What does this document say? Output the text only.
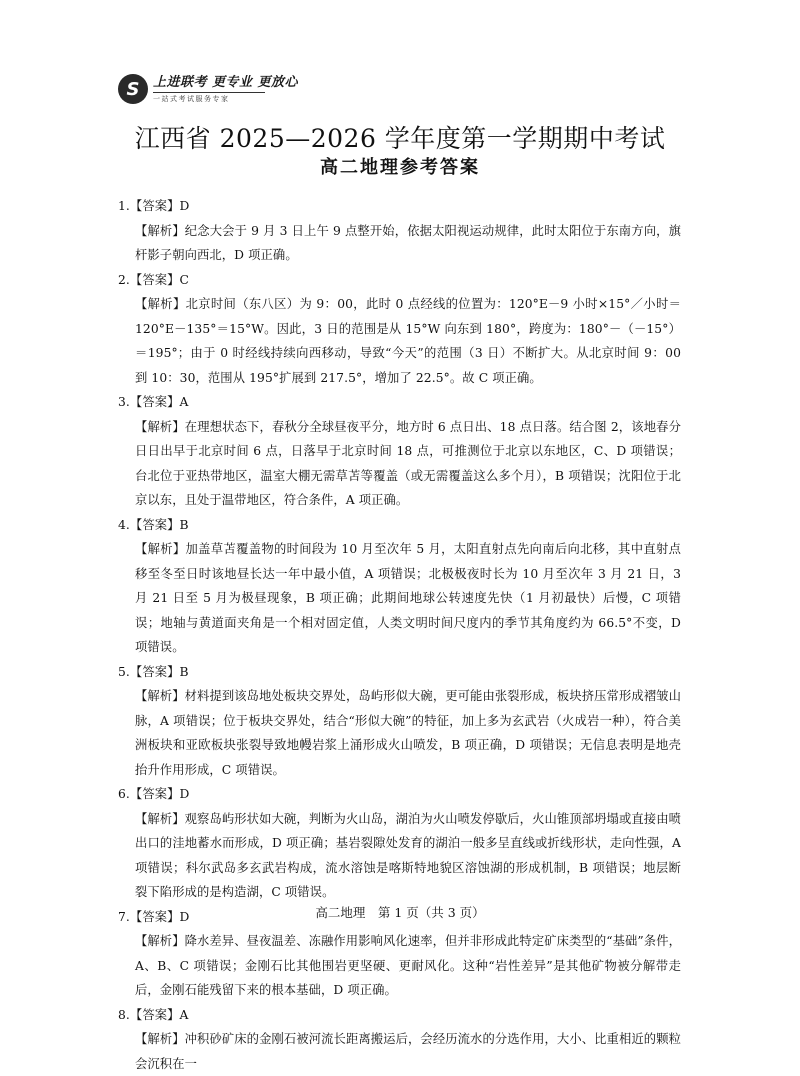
S 上进联考 更专业 更放心
一站式考试服务专家
江西省 2025—2026 学年度第一学期期中考试
高二地理参考答案

1.【答案】D

【解析】纪念大会于 9 月 3 日上午 9 点整开始，依据太阳视运动规律，此时太阳位于东南方向，旗杆影子朝向西北，D 项正确。

2.【答案】C

【解析】北京时间（东八区）为 9：00，此时 0 点经线的位置为：120°E－9 小时×15°／小时＝120°E－135°＝15°W。因此，3 日的范围是从 15°W 向东到 180°，跨度为：180°－（－15°）＝195°；由于 0 时经线持续向西移动，导致“今天”的范围（3 日）不断扩大。从北京时间 9：00 到 10：30，范围从 195°扩展到 217.5°，增加了 22.5°。故 C 项正确。

3.【答案】A

【解析】在理想状态下，春秋分全球昼夜平分，地方时 6 点日出、18 点日落。结合图 2，该地春分日日出早于北京时间 6 点，日落早于北京时间 18 点，可推测位于北京以东地区，C、D 项错误；台北位于亚热带地区，温室大棚无需草苫等覆盖（或无需覆盖这么多个月），B 项错误；沈阳位于北京以东，且处于温带地区，符合条件，A 项正确。

4.【答案】B

【解析】加盖草苫覆盖物的时间段为 10 月至次年 5 月，太阳直射点先向南后向北移，其中直射点移至冬至日时该地昼长达一年中最小值，A 项错误；北极极夜时长为 10 月至次年 3 月 21 日，3 月 21 日至 5 月为极昼现象，B 项正确；此期间地球公转速度先快（1 月初最快）后慢，C 项错误；地轴与黄道面夹角是一个相对固定值，人类文明时间尺度内的季节其角度约为 66.5°不变，D 项错误。

5.【答案】B

【解析】材料提到该岛地处板块交界处，岛屿形似大碗，更可能由张裂形成，板块挤压常形成褶皱山脉，A 项错误；位于板块交界处，结合“形似大碗”的特征，加上多为玄武岩（火成岩一种），符合美洲板块和亚欧板块张裂导致地幔岩浆上涌形成火山喷发，B 项正确，D 项错误；无信息表明是地壳抬升作用形成，C 项错误。

6.【答案】D

【解析】观察岛屿形状如大碗，判断为火山岛，湖泊为火山喷发停歇后，火山锥顶部坍塌或直接由喷出口的洼地蓄水而形成，D 项正确；基岩裂隙处发育的湖泊一般多呈直线或折线形状，走向性强，A 项错误；科尔武岛多玄武岩构成，流水溶蚀是喀斯特地貌区溶蚀湖的形成机制，B 项错误；地层断裂下陷形成的是构造湖，C 项错误。

7.【答案】D

【解析】降水差异、昼夜温差、冻融作用影响风化速率，但并非形成此特定矿床类型的“基础”条件，A、B、C 项错误；金刚石比其他围岩更坚硬、更耐风化。这种“岩性差异”是其他矿物被分解带走后，金刚石能残留下来的根本基础，D 项正确。

8.【答案】A

【解析】冲积砂矿床的金刚石被河流长距离搬运后，会经历流水的分选作用，大小、比重相近的颗粒会沉积在一

高二地理　第 1 页（共 3 页）
